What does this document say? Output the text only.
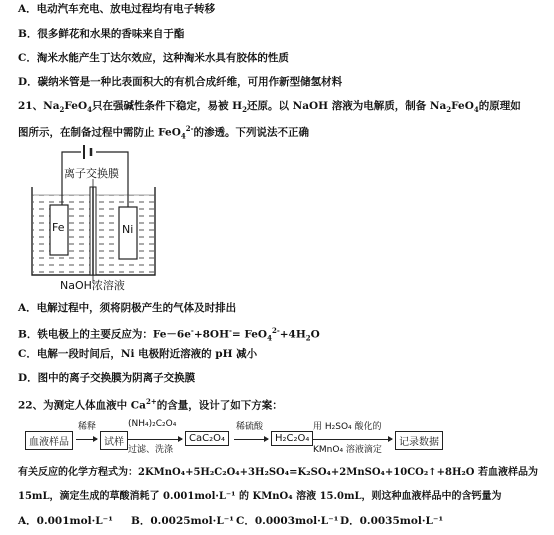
A．电动汽车充电、放电过程均有电子转移
B．很多鲜花和水果的香味来自于酯
C．淘米水能产生丁达尔效应，这种淘米水具有胶体的性质
D．碳纳米管是一种比表面积大的有机合成纤维，可用作新型储氢材料
21、$Na_2FeO_4$只在强碱性条件下稳定，易被 $H_2$还原。以 NaOH 溶液为电解质，制备 $Na_2FeO_4$的原理如
图所示，在制备过程中需防止 FeO$_4^{2-}$的渗透。下列说法不正确
离子交换膜
Fe	Ni
NaOH浓溶液
A．电解过程中，须将阴极产生的气体及时排出
B．铁电极上的主要反应为：$Fe-6e^-+8OH^-= FeO_4^{2-}+4H_2O$
C．电解一段时间后，Ni 电极附近溶液的 pH 减小
D．图中的离子交换膜为阴离子交换膜
22、为测定人体血液中 $Ca^{2+}$的含量，设计了如下方案：
血液样品
稀释
试样
(NH₄)₂C₂O₄
过滤、洗涤
CaC₂O₄
稀硫酸
H₂C₂O₄
用 H₂SO₄ 酸化的
KMnO₄ 溶液滴定
记录数据
有关反应的化学方程式为：2KMnO₄+5H₂C₂O₄+3H₂SO₄=K₂SO₄+2MnSO₄+10CO₂↑+8H₂O 若血液样品为
15mL，滴定生成的草酸消耗了 0.001mol·L⁻¹ 的 KMnO₄ 溶液 15.0mL，则这种血液样品中的含钙量为
A．0.001mol·L⁻¹ B．0.0025mol·L⁻¹ C．0.0003mol·L⁻¹ D．0.0035mol·L⁻¹
